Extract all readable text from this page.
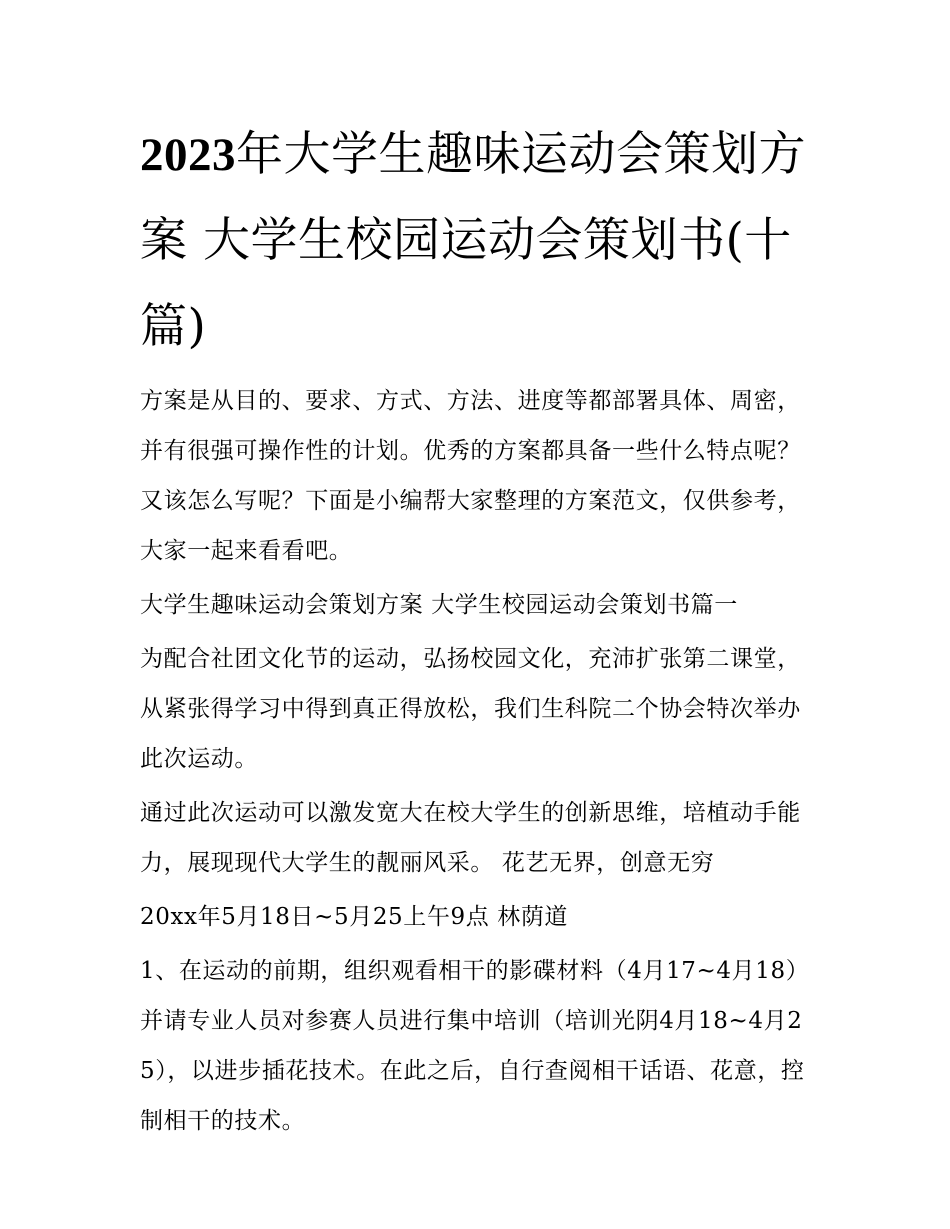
2023年大学生趣味运动会策划方案 大学生校园运动会策划书(十篇)

方案是从目的、要求、方式、方法、进度等都部署具体、周密，并有很强可操作性的计划。优秀的方案都具备一些什么特点呢？又该怎么写呢？下面是小编帮大家整理的方案范文，仅供参考，大家一起来看看吧。

大学生趣味运动会策划方案 大学生校园运动会策划书篇一

为配合社团文化节的运动，弘扬校园文化，充沛扩张第二课堂，从紧张得学习中得到真正得放松，我们生科院二个协会特次举办此次运动。

通过此次运动可以激发宽大在校大学生的创新思维，培植动手能力，展现现代大学生的靓丽风采。 花艺无界，创意无穷

20xx年5月18日~5月25上午9点 林荫道

1、在运动的前期，组织观看相干的影碟材料（4月17~4月18）并请专业人员对参赛人员进行集中培训（培训光阴4月18~4月25），以进步插花技术。在此之后，自行查阅相干话语、花意，控制相干的技术。
